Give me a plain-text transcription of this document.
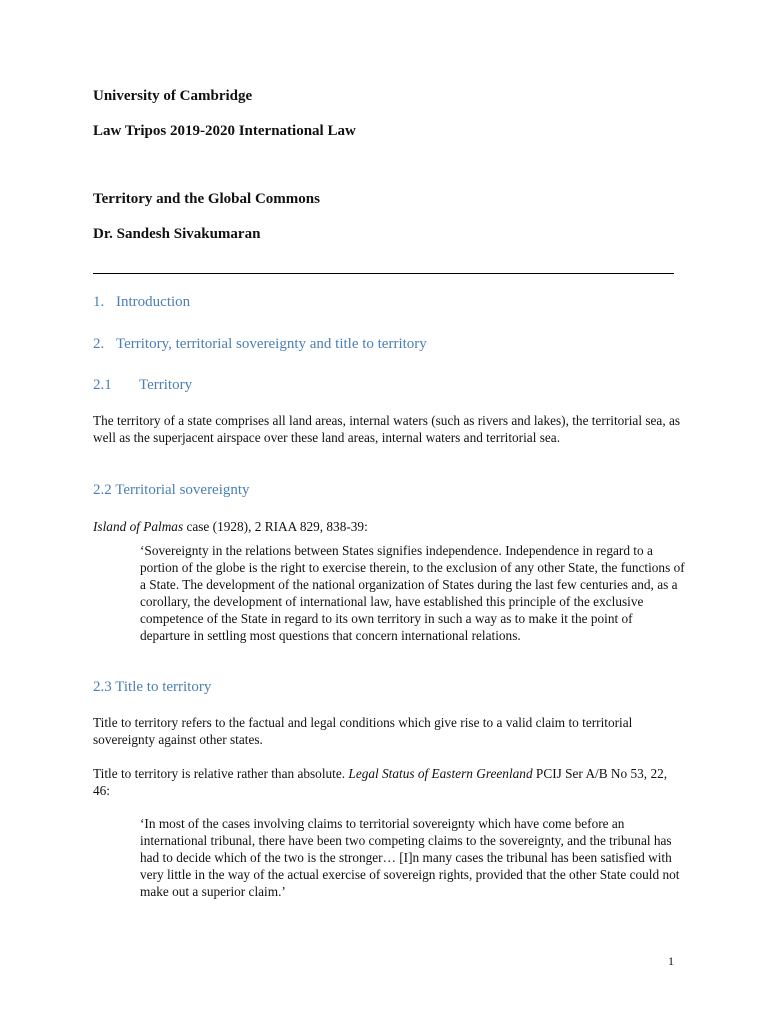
University of Cambridge
Law Tripos 2019-2020 International Law
Territory and the Global Commons
Dr. Sandesh Sivakumaran
1. Introduction
2. Territory, territorial sovereignty and title to territory
2.1 Territory

The territory of a state comprises all land areas, internal waters (such as rivers and lakes), the territorial sea, as well as the superjacent airspace over these land areas, internal waters and territorial sea.

2.2 Territorial sovereignty

Island of Palmas case (1928), 2 RIAA 829, 838-39:

‘Sovereignty in the relations between States signifies independence. Independence in regard to a portion of the globe is the right to exercise therein, to the exclusion of any other State, the functions of a State. The development of the national organization of States during the last few centuries and, as a corollary, the development of international law, have established this principle of the exclusive competence of the State in regard to its own territory in such a way as to make it the point of departure in settling most questions that concern international relations.

2.3 Title to territory

Title to territory refers to the factual and legal conditions which give rise to a valid claim to territorial sovereignty against other states.

Title to territory is relative rather than absolute. Legal Status of Eastern Greenland PCIJ Ser A/B No 53, 22, 46:

‘In most of the cases involving claims to territorial sovereignty which have come before an international tribunal, there have been two competing claims to the sovereignty, and the tribunal has had to decide which of the two is the stronger… [I]n many cases the tribunal has been satisfied with very little in the way of the actual exercise of sovereign rights, provided that the other State could not make out a superior claim.’

1
